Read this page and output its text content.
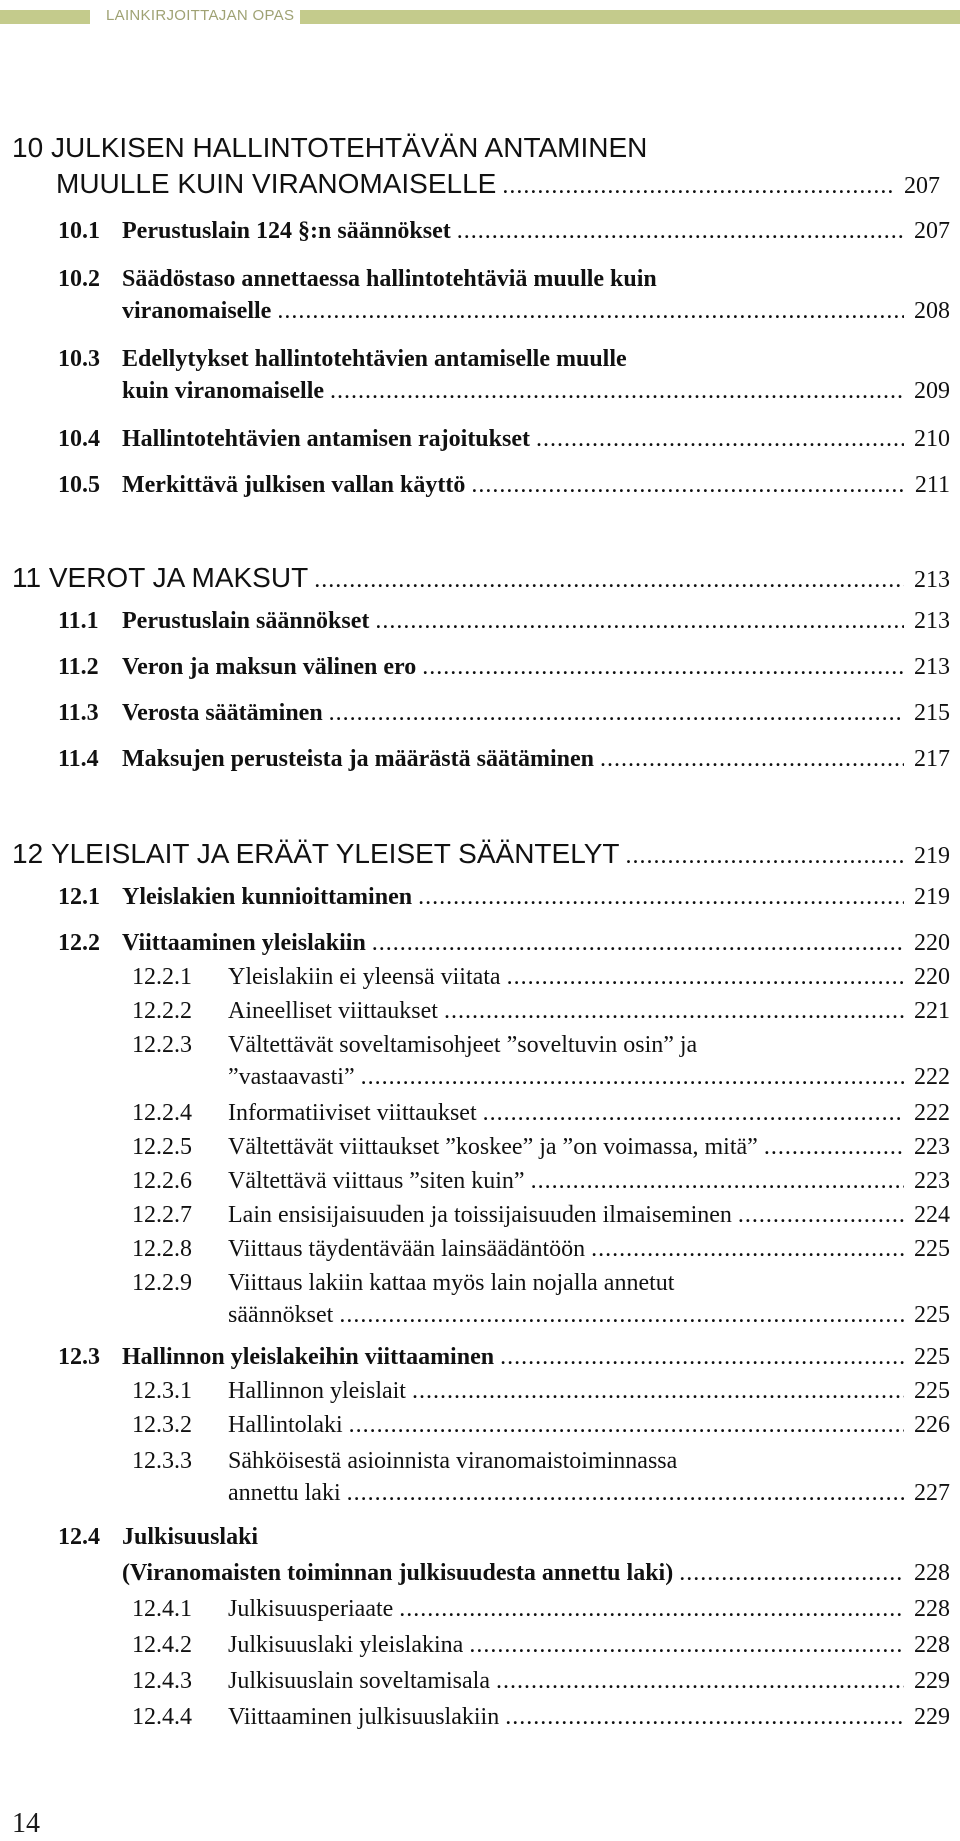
LAINKIRJOITTAJAN OPAS
10
JULKISEN HALLINTOTEHTÄVÄN ANTAMINEN
MUULLE KUIN VIRANOMAISELLE .....	207
10.1 Perustuslain 124 §:n säännökset .....	207
10.2 Säädöstaso annettaessa hallintotehtäviä muulle kuin
viranomaiselle .....	208
10.3 Edellytykset hallintotehtävien antamiselle muulle
kuin viranomaiselle .....	209
10.4 Hallintotehtävien antamisen rajoitukset .....	210
10.5 Merkittävä julkisen vallan käyttö .....	211
11
VEROT JA MAKSUT .....	213
11.1 Perustuslain säännökset .....	213
11.2 Veron ja maksun välinen ero .....	213
11.3 Verosta säätäminen .....	215
11.4 Maksujen perusteista ja määrästä säätäminen .....	217
12
YLEISLAIT JA ERÄÄT YLEISET SÄÄNTELYT .....	219
12.1 Yleislakien kunnioittaminen .....	219
12.2 Viittaaminen yleislakiin .....	220
12.2.1	Yleislakiin ei yleensä viitata .....	220
12.2.2	Aineelliset viittaukset .....	221
12.2.3	Vältettävät soveltamisohjeet ”soveltuvin osin” ja
”vastaavasti” .....	222
12.2.4	Informatiiviset viittaukset .....	222
12.2.5	Vältettävät viittaukset ”koskee” ja ”on voimassa, mitä” .....	223
12.2.6	Vältettävä viittaus ”siten kuin” .....	223
12.2.7	Lain ensisijaisuuden ja toissijaisuuden ilmaiseminen .....	224
12.2.8	Viittaus täydentävään lainsäädäntöön .....	225
12.2.9	Viittaus lakiin kattaa myös lain nojalla annetut
säännökset .....	225
12.3 Hallinnon yleislakeihin viittaaminen .....	225
12.3.1	Hallinnon yleislait .....	225
12.3.2	Hallintolaki .....	226
12.3.3	Sähköisestä asioinnista viranomaistoiminnassa
annettu laki .....	227
12.4 Julkisuuslaki
(Viranomaisten toiminnan julkisuudesta annettu laki) .....	228
12.4.1	Julkisuusperiaate .....	228
12.4.2	Julkisuuslaki yleislakina .....	228
12.4.3	Julkisuuslain soveltamisala .....	229
12.4.4	Viittaaminen julkisuuslakiin .....	229
14
